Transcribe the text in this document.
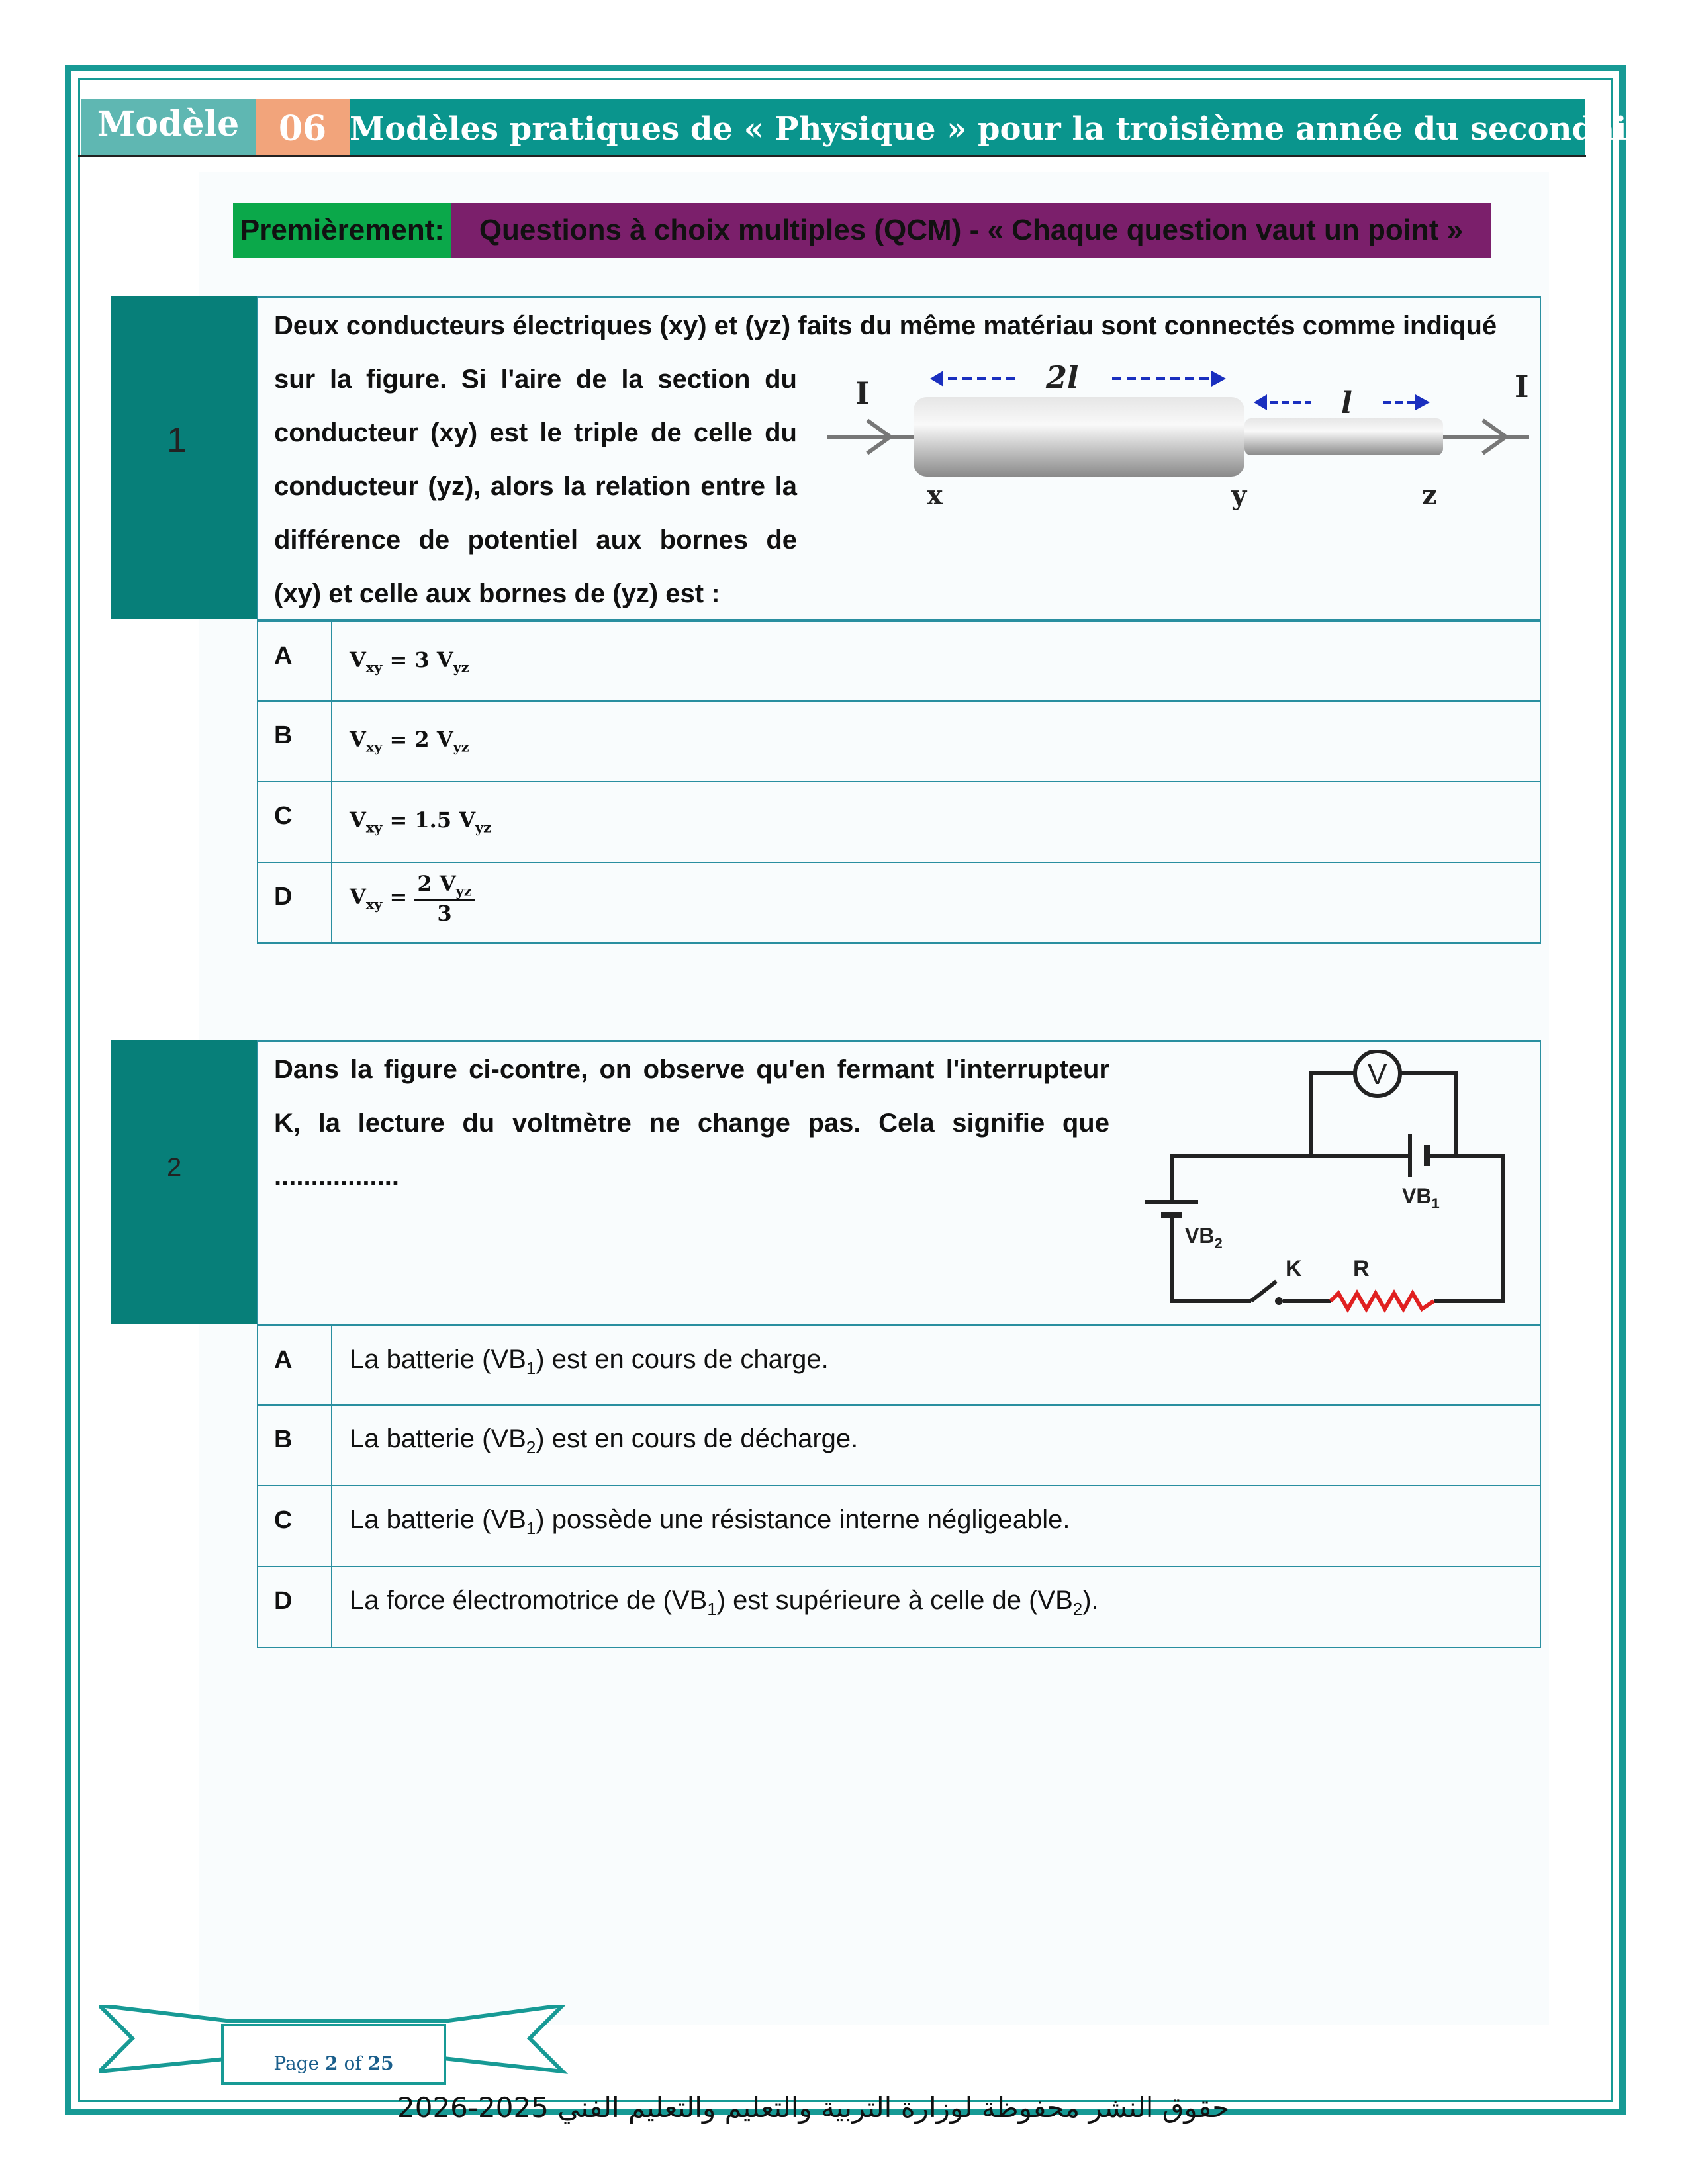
Modèle	06 Modèles pratiques de « Physique » pour la troisième année du secondaire
Premièrement:	Questions à choix multiples (QCM) - « Chaque question vaut un point »
1
Deux conducteurs électriques (xy) et (yz) faits du même matériau sont connectés comme indiqué
sur la figure. Si l'aire de la section du conducteur (xy) est le triple de celle du conducteur (yz), alors la relation entre la différence de potentiel aux bornes de (xy) et celle aux bornes de (yz) est :
I	I
2l
l
x	y	z
A	$V_{xy} = 3$ $V_{yz}$
B	$V_{xy} = 2$ $V_{yz}$
C	$V_{xy} = 1.5$ $V_{yz}$
D	$V_{xy} = \frac{2 V_{yz}}{3}$
2
Dans la figure ci-contre, on observe qu'en fermant l'interrupteur K, la lecture du voltmètre ne change pas. Cela signifie que .................
V
$VB_1$
$VB_2$
K R
A	La batterie $(VB_1)$ est en cours de charge.
B	La batterie $(VB_2)$ est en cours de décharge.
C	La batterie $(VB_1)$ possède une résistance interne négligeable.
D	La force électromotrice de $(VB_1)$ est supérieure à celle de $(VB_2)$.
Page 2 of 25
حقوق النشر محفوظة لوزارة التربية والتعليم والتعليم الفني 2025-2026
